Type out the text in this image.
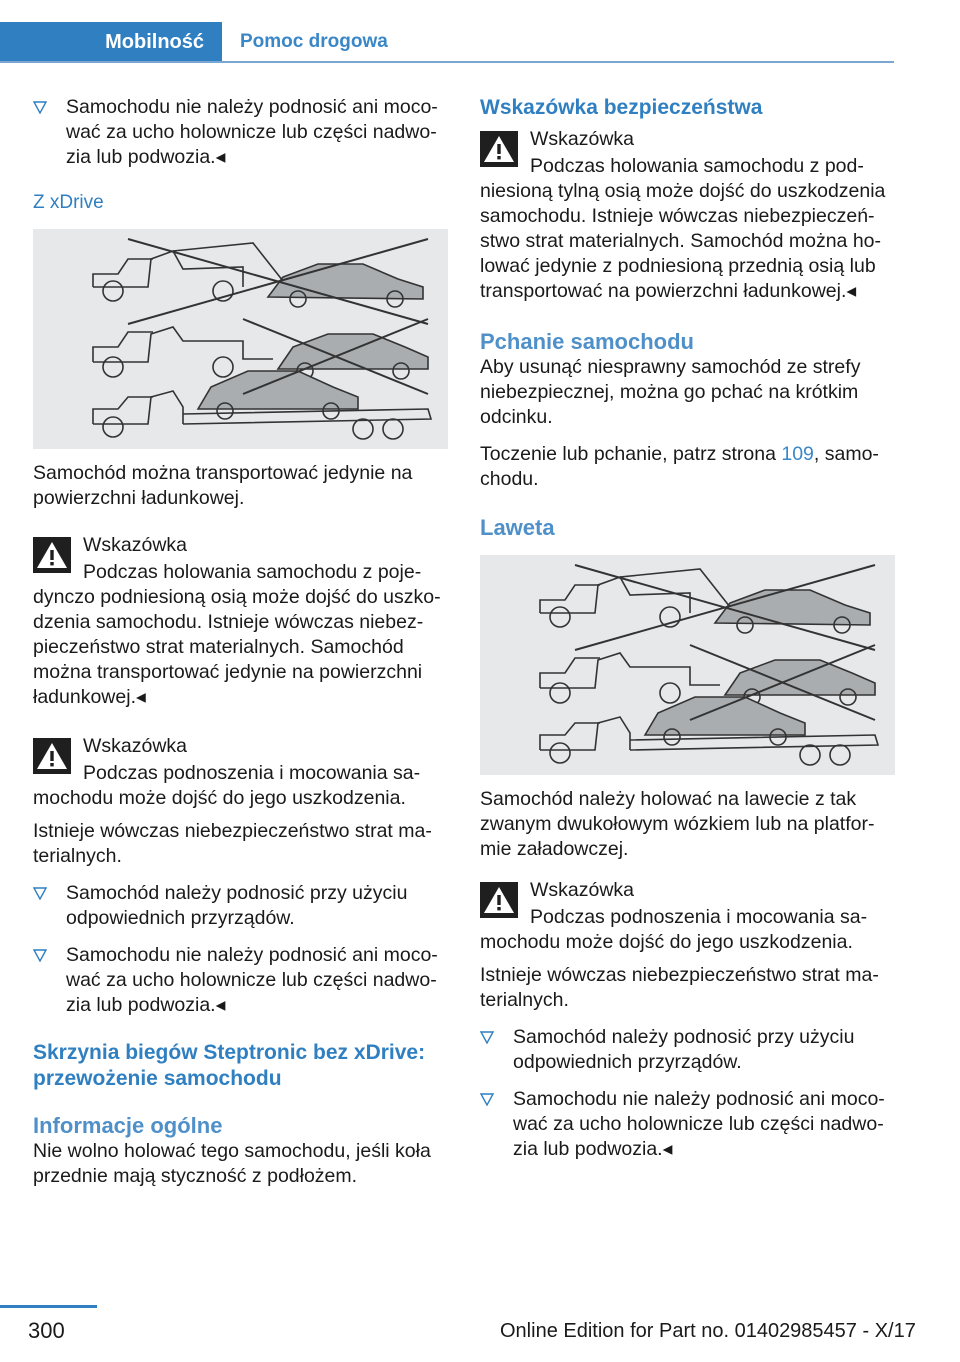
Mobilność	Pomoc drogowa
Samochodu nie należy podnosić ani moco-wać za ucho holownicze lub części nadwo-zia lub podwozia.◂
Z xDrive

Samochód można transportować jedynie na powierzchni ładunkowej.

Wskazówka
Podczas holowania samochodu z poje-
dynczo podniesioną osią może dojść do uszko-dzenia samochodu. Istnieje wówczas niebez-pieczeństwo strat materialnych. Samochód można transportować jedynie na powierzchni ładunkowej.◂
Wskazówka
Podczas podnoszenia i mocowania sa-
mochodu może dojść do jego uszkodzenia.

Istnieje wówczas niebezpieczeństwo strat ma-terialnych.

Samochód należy podnosić przy użyciu odpowiednich przyrządów.
Samochodu nie należy podnosić ani moco-wać za ucho holownicze lub części nadwo-zia lub podwozia.◂
Skrzynia biegów Steptronic bez xDrive: przewożenie samochodu
Informacje ogólne

Nie wolno holować tego samochodu, jeśli koła przednie mają styczność z podłożem.

Wskazówka bezpieczeństwa
Wskazówka
Podczas holowania samochodu z pod-
niesioną tylną osią może dojść do uszkodzenia samochodu. Istnieje wówczas niebezpieczeń-stwo strat materialnych. Samochód można ho-lować jedynie z podniesioną przednią osią lub transportować na powierzchni ładunkowej.◂
Pchanie samochodu

Aby usunąć niesprawny samochód ze strefy niebezpiecznej, można go pchać na krótkim odcinku.

Toczenie lub pchanie, patrz strona 109, samo-chodu.

Laweta

Samochód należy holować na lawecie z tak zwanym dwukołowym wózkiem lub na platfor-mie załadowczej.

Wskazówka
Podczas podnoszenia i mocowania sa-
mochodu może dojść do jego uszkodzenia.

Istnieje wówczas niebezpieczeństwo strat ma-terialnych.

Samochód należy podnosić przy użyciu odpowiednich przyrządów.
Samochodu nie należy podnosić ani moco-wać za ucho holownicze lub części nadwo-zia lub podwozia.◂
300	Online Edition for Part no. 01402985457 - X/17
